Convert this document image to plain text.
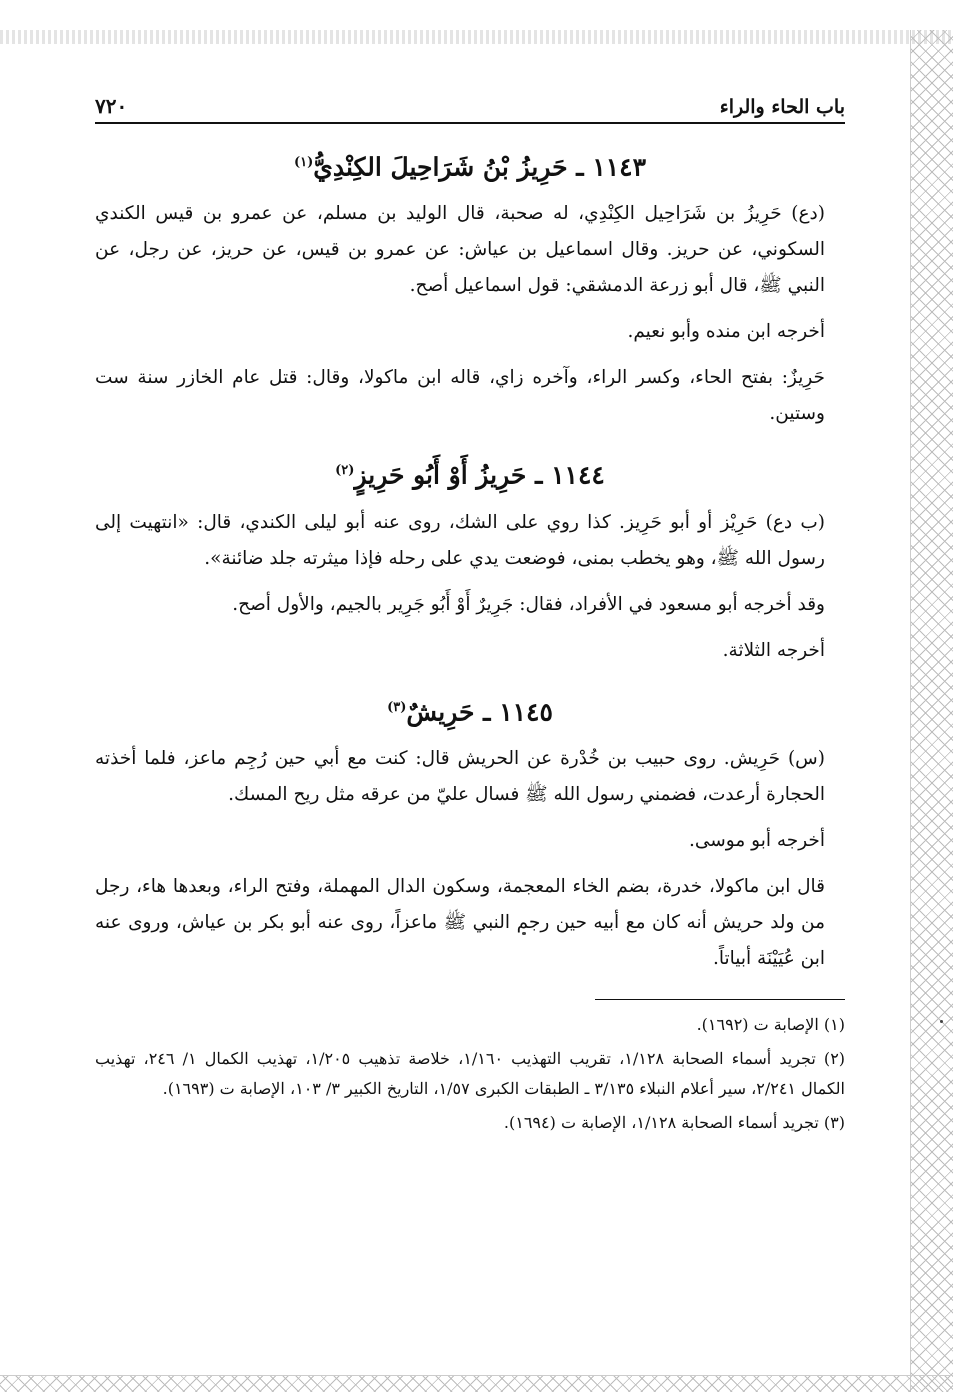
باب الحاء والراء
٧٢٠
١١٤٣ ـ حَرِيزُ بْنُ شَرَاحِيلَ الكِنْدِيُّ$^{(١)}$

(دع) حَرِيزُ بن شَرَاحِيل الكِنْدِي، له صحبة، قال الوليد بن مسلم، عن عمرو بن قيس الكندي السكوني، عن حريز. وقال اسماعيل بن عياش: عن عمرو بن قيس، عن حريز، عن رجل، عن النبي ﷺ، قال أبو زرعة الدمشقي: قول اسماعيل أصح.

أخرجه ابن منده وأبو نعيم.

حَرِيزٌ: بفتح الحاء، وكسر الراء، وآخره زاي، قاله ابن ماكولا، وقال: قتل عام الخازر سنة ست وستين.

١١٤٤ ـ حَرِيزُ أَوْ أَبُو حَرِيزٍ$^{(٢)}$

(ب دع) حَرِيْز أو أبو حَرِيز. كذا روي على الشك، روى عنه أبو ليلى الكندي، قال: «انتهيت إلى رسول الله ﷺ، وهو يخطب بمنى، فوضعت يدي على رحله فإذا ميثرته جلد ضائنة».

وقد أخرجه أبو مسعود في الأفراد، فقال: جَرِيرٌ أَوْ أَبُو جَرِير بالجيم، والأول أصح.

أخرجه الثلاثة.

١١٤٥ ـ حَرِيشٌ$^{(٣)}$

(س) حَرِيش. روى حبيب بن خُدْرة عن الحريش قال: كنت مع أبي حين رُجِم ماعز، فلما أخذته الحجارة أرعدت، فضمني رسول الله ﷺ فسال عليّ من عرقه مثل ريح المسك.

أخرجه أبو موسى.

قال ابن ماكولا، خدرة، بضم الخاء المعجمة، وسكون الدال المهملة، وفتح الراء، وبعدها هاء، رجل من ولد حريش أنه كان مع أبيه حين رجم النبي ﷺ ماعزاً، روى عنه أبو بكر بن عياش، وروى عنه ابن عُيَيْنَة أبياتاً.

(١) الإصابة ت (١٦٩٢).
(٢) تجريد أسماء الصحابة ١/١٢٨، تقريب التهذيب ١/١٦٠، خلاصة تذهيب ١/٢٠٥، تهذيب الكمال ١/ ٢٤٦، تهذيب الكمال ٢/٢٤١، سير أعلام النبلاء ٣/١٣٥ ـ الطبقات الكبرى ١/٥٧، التاريخ الكبير ٣/ ١٠٣، الإصابة ت (١٦٩٣).
(٣) تجريد أسماء الصحابة ١/١٢٨، الإصابة ت (١٦٩٤).
